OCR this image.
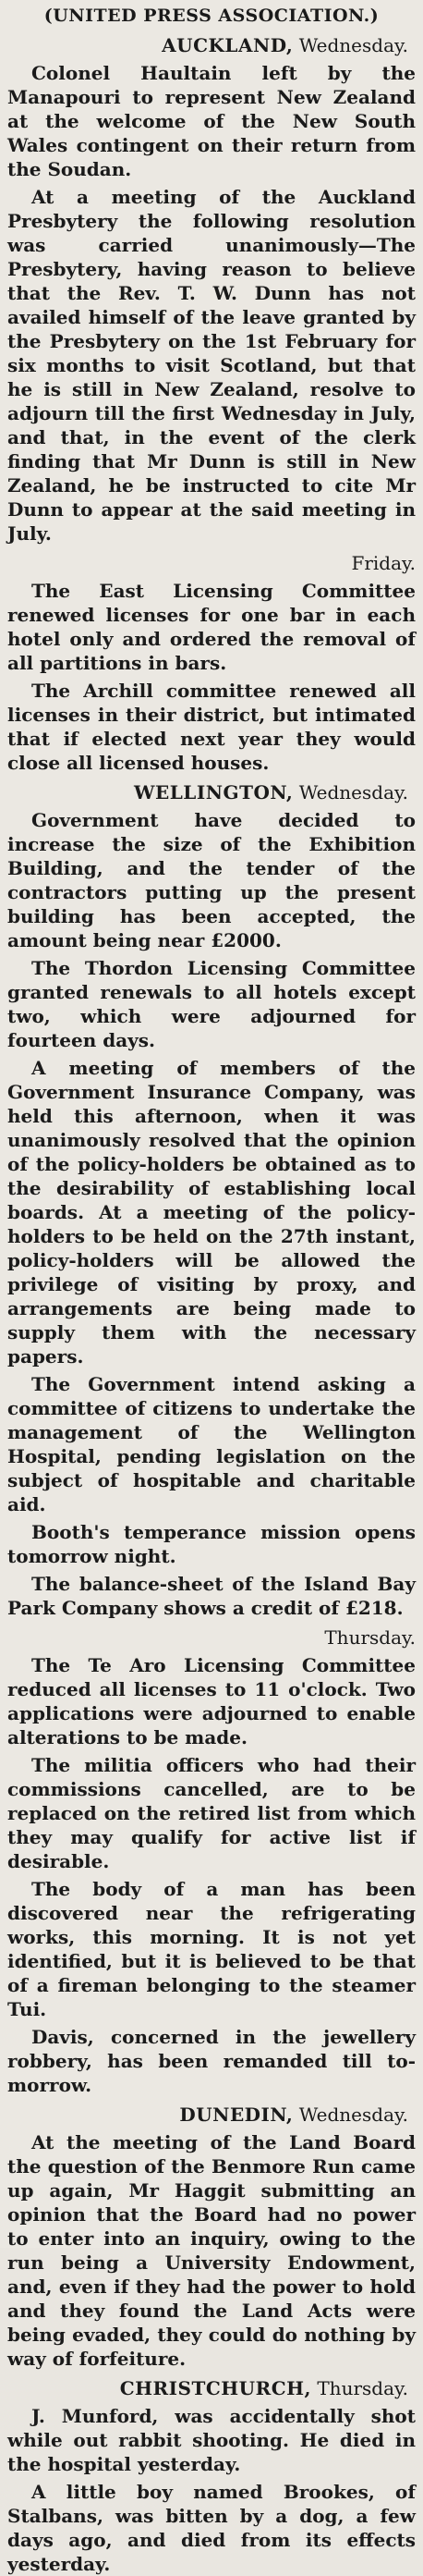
(UNITED PRESS ASSOCIATION.)
AUCKLAND, Wednesday.

Colonel Haultain left by the Manapouri to represent New Zealand at the welcome of the New South Wales contingent on their return from the Soudan.

At a meeting of the Auckland Presbytery the following resolution was carried unanimously—The Presbytery, having reason to believe that the Rev. T. W. Dunn has not availed himself of the leave granted by the Presbytery on the 1st February for six months to visit Scotland, but that he is still in New Zealand, resolve to adjourn till the first Wednesday in July, and that, in the event of the clerk finding that Mr Dunn is still in New Zealand, he be instructed to cite Mr Dunn to appear at the said meeting in July.

Friday.

The East Licensing Committee renewed licenses for one bar in each hotel only and ordered the removal of all partitions in bars.

The Archill committee renewed all licenses in their district, but intimated that if elected next year they would close all licensed houses.

WELLINGTON, Wednesday.

Government have decided to increase the size of the Exhibition Building, and the tender of the contractors putting up the present building has been accepted, the amount being near £2000.

The Thordon Licensing Committee granted renewals to all hotels except two, which were adjourned for fourteen days.

A meeting of members of the Government Insurance Company, was held this afternoon, when it was unanimously resolved that the opinion of the policy-holders be obtained as to the desirability of establishing local boards. At a meeting of the policy-holders to be held on the 27th instant, policy-holders will be allowed the privilege of visiting by proxy, and arrangements are being made to supply them with the necessary papers.

The Government intend asking a committee of citizens to undertake the management of the Wellington Hospital, pending legislation on the subject of hospitable and charitable aid.

Booth's temperance mission opens tomorrow night.

The balance-sheet of the Island Bay Park Company shows a credit of £218.

Thursday.

The Te Aro Licensing Committee reduced all licenses to 11 o'clock. Two applications were adjourned to enable alterations to be made.

The militia officers who had their commissions cancelled, are to be replaced on the retired list from which they may qualify for active list if desirable.

The body of a man has been discovered near the refrigerating works, this morning. It is not yet identified, but it is believed to be that of a fireman belonging to the steamer Tui.

Davis, concerned in the jewellery robbery, has been remanded till to-morrow.

DUNEDIN, Wednesday.

At the meeting of the Land Board the question of the Benmore Run came up again, Mr Haggit submitting an opinion that the Board had no power to enter into an inquiry, owing to the run being a University Endowment, and, even if they had the power to hold and they found the Land Acts were being evaded, they could do nothing by way of forfeiture.

CHRISTCHURCH, Thursday.

J. Munford, was accidentally shot while out rabbit shooting. He died in the hospital yesterday.

A little boy named Brookes, of Stalbans, was bitten by a dog, a few days ago, and died from its effects yesterday.
